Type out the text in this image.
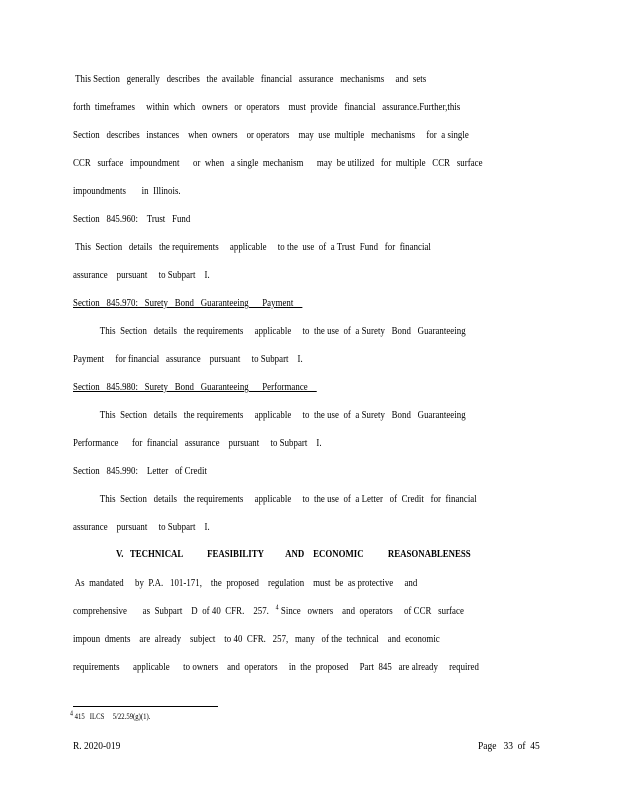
This Section   generally   describes   the  available   financial   assurance   mechanisms     and  sets
forth  timeframes     within  which   owners   or  operators    must  provide   financial   assurance.Further,this
Section   describes   instances    when  owners    or operators    may  use  multiple   mechanisms     for  a single
CCR   surface   impoundment      or  when   a single  mechanism      may  be utilized   for  multiple   CCR   surface
impoundments       in  Illinois.
Section   845.960:    Trust   Fund
This  Section   details   the requirements     applicable     to the  use  of  a Trust  Fund   for  financial
assurance    pursuant     to Subpart    I.
Section   845.970:   Surety   Bond   Guaranteeing      Payment
This  Section   details   the requirements     applicable     to  the use  of  a Surety   Bond   Guaranteeing
Payment     for financial   assurance    pursuant     to Subpart    I.
Section   845.980:   Surety   Bond   Guaranteeing      Performance
This  Section   details   the requirements     applicable     to  the use  of  a Surety   Bond   Guaranteeing
Performance      for  financial   assurance    pursuant     to Subpart    I.
Section   845.990:    Letter   of Credit
This  Section   details   the requirements     applicable     to  the use  of  a Letter   of  Credit   for  financial
assurance    pursuant     to Subpart    I.
V.   TECHNICAL           FEASIBILITY          AND    ECONOMIC           REASONABLENESS
As  mandated     by  P.A.   101-171,    the  proposed    regulation    must  be  as protective     and
comprehensive       as  Subpart    D  of 40  CFR.    257. $^4$ Since   owners    and  operators     of CCR   surface
impoun  dments    are  already    subject    to 40  CFR.   257,   many   of the  technical    and  economic
requirements      applicable      to owners    and  operators     in  the  proposed     Part  845   are already     required
$^4$ 415   ILCS     5/22.59(g)(1).
R. 2020-019	Page   33  of  45
